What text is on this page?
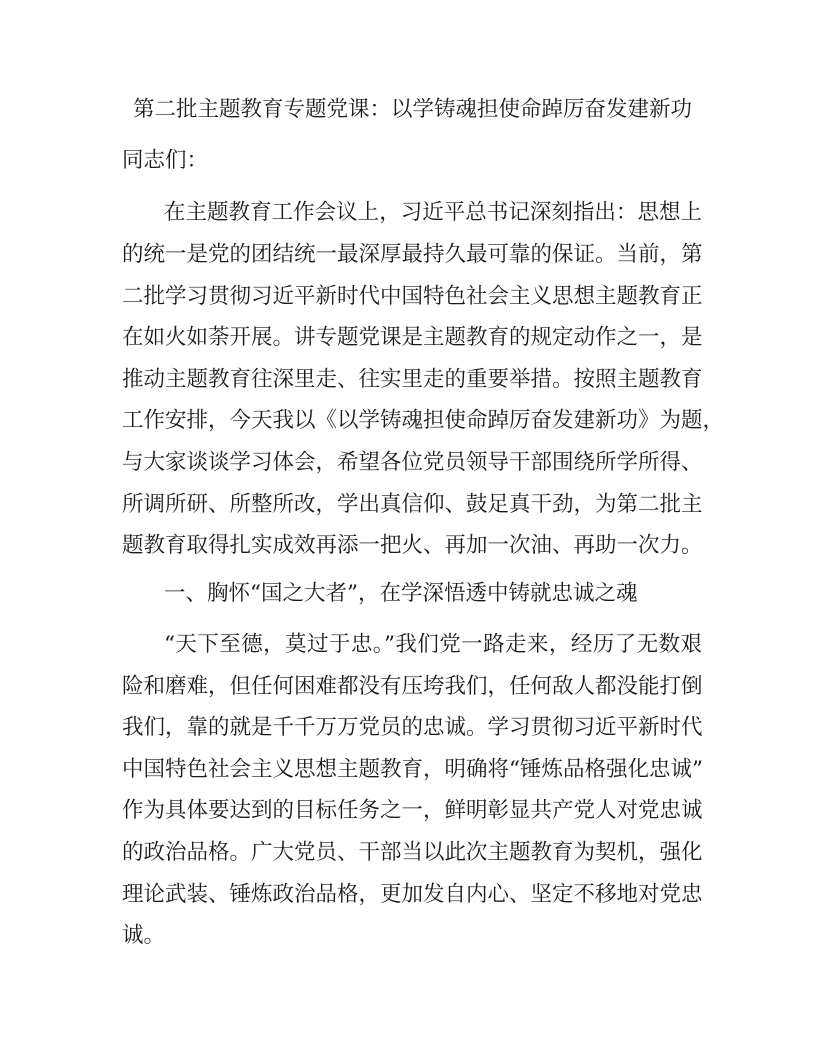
第二批主题教育专题党课：以学铸魂担使命踔厉奋发建新功
同志们：
在主题教育工作会议上，习近平总书记深刻指出：思想上
的统一是党的团结统一最深厚最持久最可靠的保证。当前，第
二批学习贯彻习近平新时代中国特色社会主义思想主题教育正
在如火如荼开展。讲专题党课是主题教育的规定动作之一，是
推动主题教育往深里走、往实里走的重要举措。按照主题教育
工作安排，今天我以《以学铸魂担使命踔厉奋发建新功》为题，
与大家谈谈学习体会，希望各位党员领导干部围绕所学所得、
所调所研、所整所改，学出真信仰、鼓足真干劲，为第二批主
题教育取得扎实成效再添一把火、再加一次油、再助一次力。
一、胸怀“国之大者”，在学深悟透中铸就忠诚之魂
“天下至德，莫过于忠。”我们党一路走来，经历了无数艰
险和磨难，但任何困难都没有压垮我们，任何敌人都没能打倒
我们，靠的就是千千万万党员的忠诚。学习贯彻习近平新时代
中国特色社会主义思想主题教育，明确将“锤炼品格强化忠诚”
作为具体要达到的目标任务之一，鲜明彰显共产党人对党忠诚
的政治品格。广大党员、干部当以此次主题教育为契机，强化
理论武装、锤炼政治品格，更加发自内心、坚定不移地对党忠
诚。
